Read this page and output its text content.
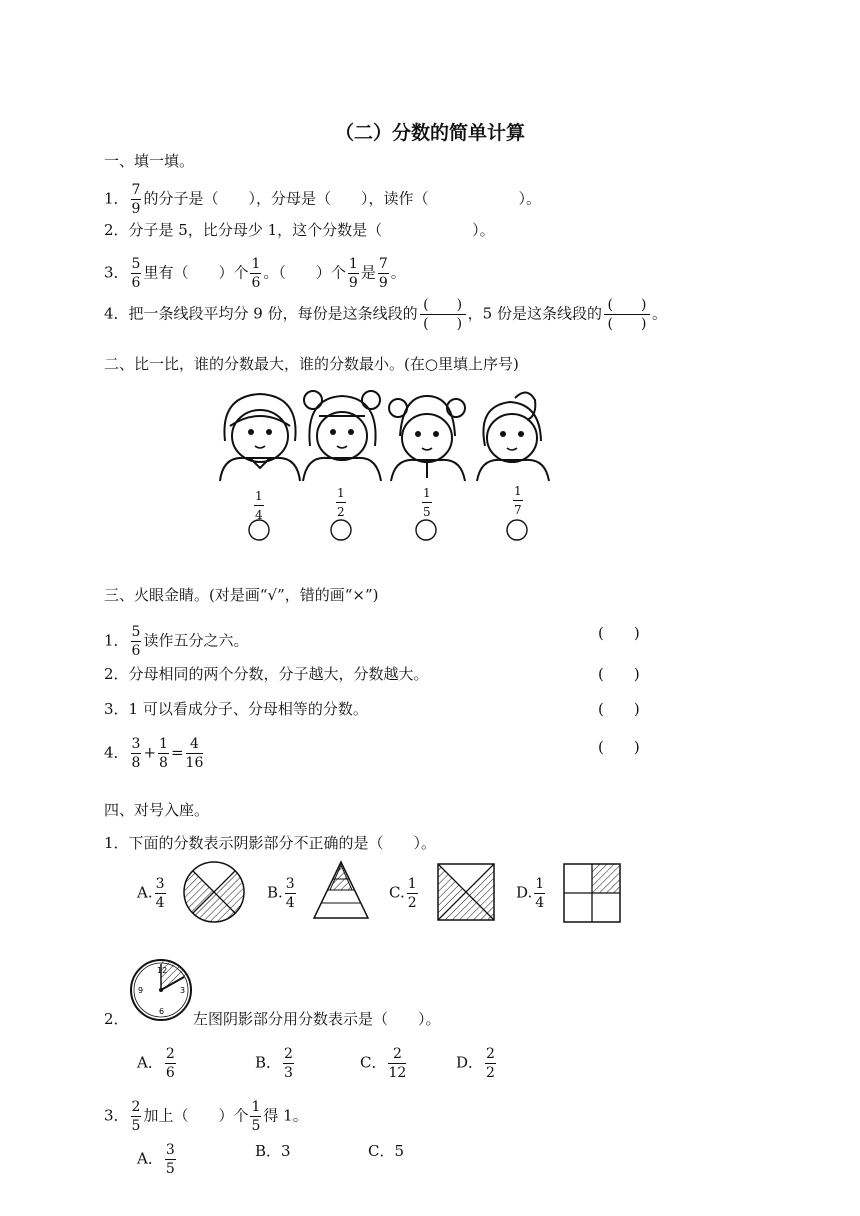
（二）分数的简单计算
一、填一填。
1． $\frac{7}{9}$ 的分子是（　　），分母是（　　），读作（　　　　　　）。
2．分子是 5，比分母少 1，这个分数是（　　　　　　）。
3． $\frac{5}{6}$ 里有（　　）个 $\frac{1}{6}$ 。（　　）个 $\frac{1}{9}$ 是 $\frac{7}{9}$ 。
4．把一条线段平均分 9 份，每份是这条线段的 $\frac{( )}{( )}$ ，5 份是这条线段的 $\frac{( )}{( )}$ 。
二、比一比，谁的分数最大，谁的分数最小。(在○里填上序号)
1
4
1
2
1
5
1
7
三、火眼金睛。(对是画“√”，错的画“×”)
1． $\frac{5}{6}$ 读作五分之六。	(　　)
2．分母相同的两个分数，分子越大，分数越大。	(　　)
3．1 可以看成分子、分母相等的分数。	(　　)
4． $\frac{3}{8} + \frac{1}{8} = \frac{4}{16}$	(　　)
四、对号入座。
1．下面的分数表示阴影部分不正确的是（　　）。
A. $\frac{3}{4}$	B. $\frac{3}{4}$	C. $\frac{1}{2}$	D. $\frac{1}{4}$
12
3
6
9
2．	左图阴影部分用分数表示是（　　）。
A． $\frac{2}{6}$	B． $\frac{2}{3}$	C． $\frac{2}{12}$	D． $\frac{2}{2}$
3． $\frac{2}{5}$ 加上（　　）个 $\frac{1}{5}$ 得 1。
A． $\frac{3}{5}$	B．3	C．5
